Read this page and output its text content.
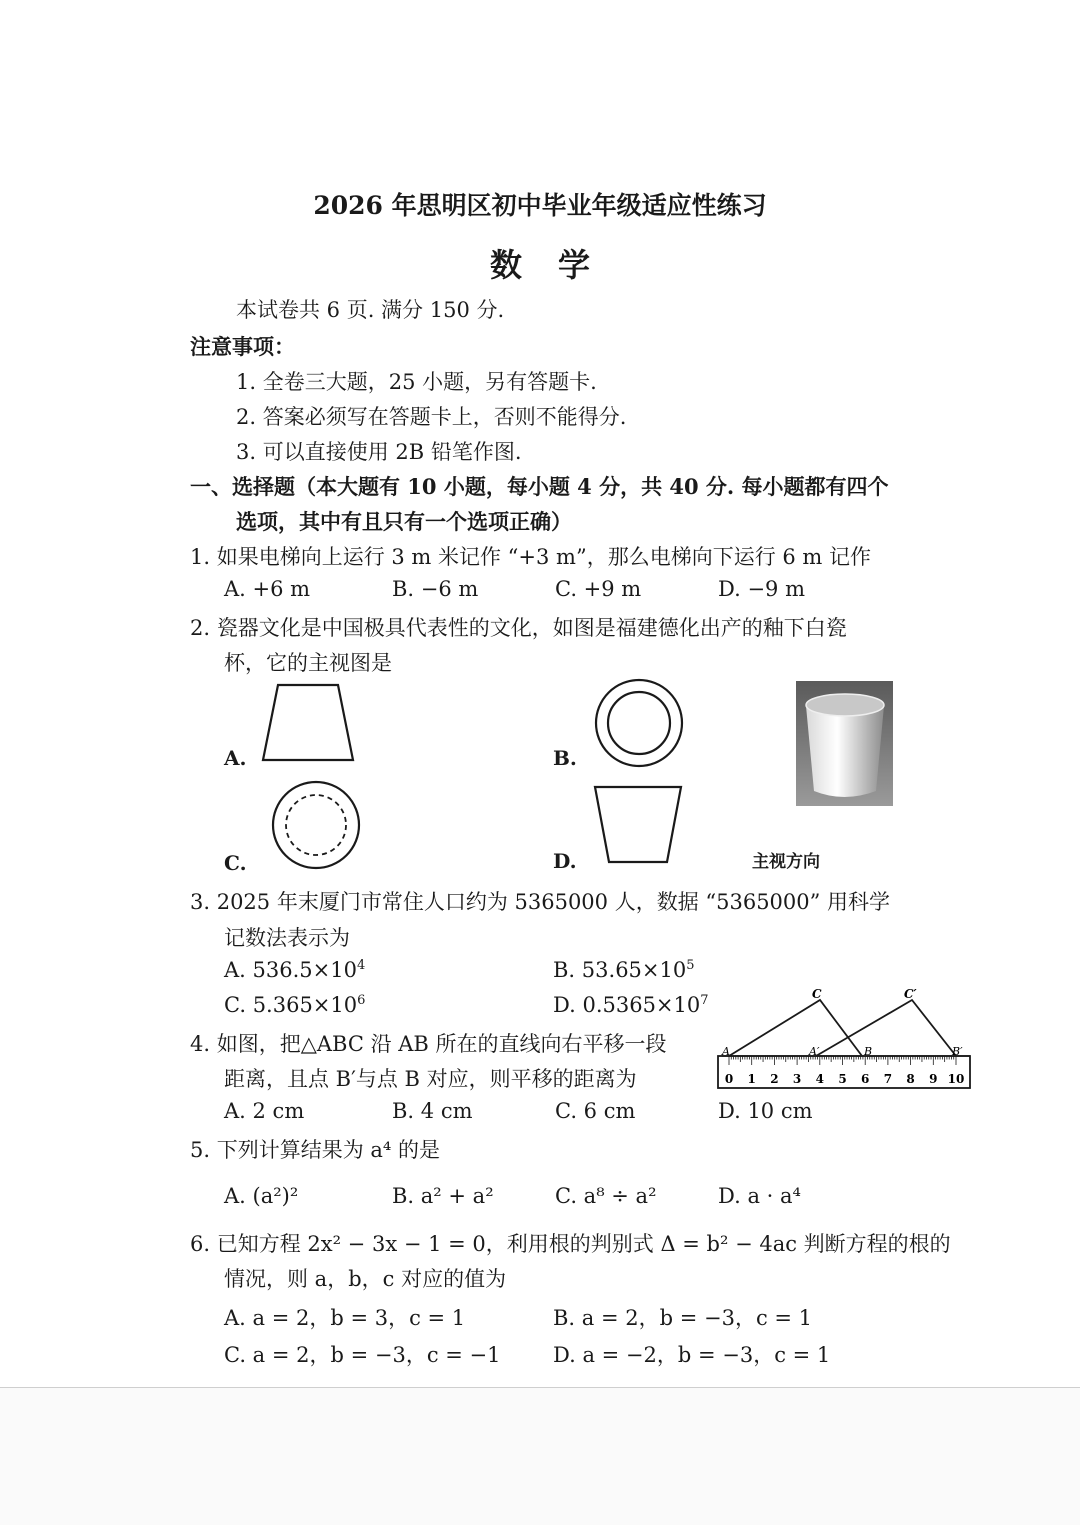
2026 年思明区初中毕业年级适应性练习
数学
本试卷共 6 页. 满分 150 分.
注意事项：
1. 全卷三大题，25 小题，另有答题卡.
2. 答案必须写在答题卡上，否则不能得分.
3. 可以直接使用 2B 铅笔作图.
一、选择题（本大题有 10 小题，每小题 4 分，共 40 分. 每小题都有四个
选项，其中有且只有一个选项正确）
1. 如果电梯向上运行 3 m 米记作 “+3 m”，那么电梯向下运行 6 m 记作
A. +6 m	B. −6 m	C. +9 m	D. −9 m
2. 瓷器文化是中国极具代表性的文化，如图是福建德化出产的釉下白瓷
杯，它的主视图是
A.	B.
C.	D.	主视方向
3. 2025 年末厦门市常住人口约为 5365000 人，数据 “5365000” 用科学
记数法表示为
A. $536.5\times 10^4$	B. $53.65\times 10^5$
C. $5.365\times 10^6$	D. $0.5365\times 10^7$
4. 如图，把△ABC 沿 AB 所在的直线向右平移一段
距离，且点 B′与点 B 对应，则平移的距离为
A. 2 cm	B. 4 cm	C. 6 cm	D. 10 cm
0 1 2 3 4 5 6 7 8 9 10
A
C
A′	B
C′
B′
5. 下列计算结果为 a⁴ 的是
A. (a²)²	B. a² + a²	C. a⁸ ÷ a²	D. a · a⁴
6. 已知方程 2x² − 3x − 1 = 0，利用根的判别式 Δ = b² − 4ac 判断方程的根的
情况，则 a，b，c 对应的值为
A. a = 2，b = 3，c = 1	B. a = 2，b = −3，c = 1
C. a = 2，b = −3，c = −1 D. a = −2，b = −3，c = 1
